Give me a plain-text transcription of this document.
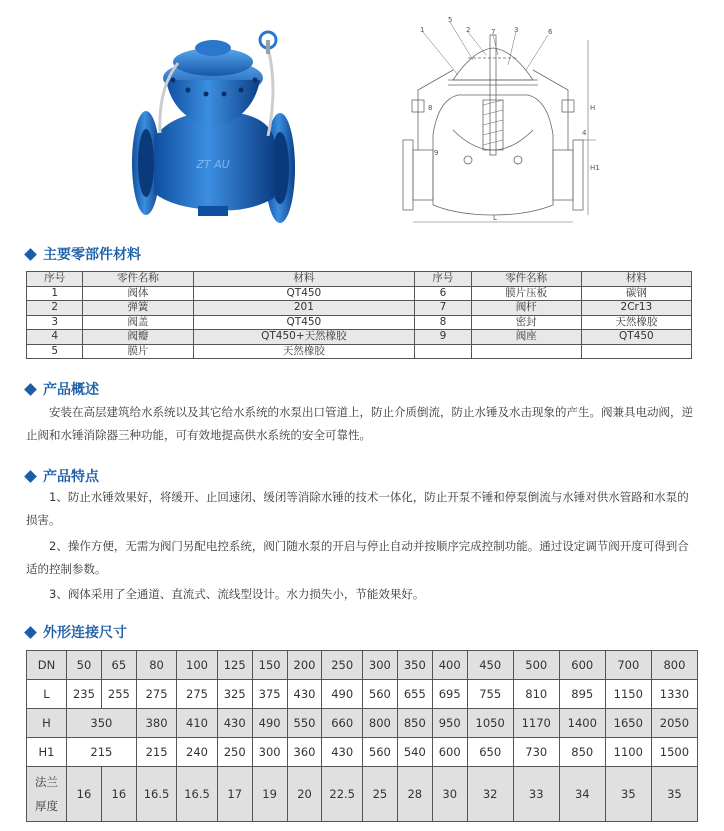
ZT AU
1
5
2	7	3	6
8
9
4
L
H
H1
主要零部件材料
序号	零件名称	材料	序号	零件名称	材料
1	阀体	QT450	6	膜片压板	碳钢
2	弹簧	201	7	阀杆	2Cr13
3	阀盖	QT450	8	密封	天然橡胶
4	阀瓣	QT450+天然橡胶	9	阀座	QT450
5	膜片	天然橡胶			
产品概述

安装在高层建筑给水系统以及其它给水系统的水泵出口管道上，防止介质倒流，防止水锤及水击现象的产生。阀兼具电动阀，逆止阀和水锤消除器三种功能，可有效地提高供水系统的安全可靠性。

产品特点

1、防止水锤效果好，将缓开、止回速闭、缓闭等消除水锤的技术一体化，防止开泵不锤和停泵倒流与水锤对供水管路和水泵的损害。

2、操作方便，无需为阀门另配电控系统，阀门随水泵的开启与停止自动并按顺序完成控制功能。通过设定调节阀开度可得到合适的控制参数。

3、阀体采用了全通道、直流式、流线型设计。水力损失小，节能效果好。

外形连接尺寸
DN	50	65	80	100	125	150	200	250	300	350	400	450	500	600	700	800
L	235	255	275	275	325	375	430	490	560	655	695	755	810	895	1150	1330
H	350		380	410	430	490	550	660	800	850	950	1050	1170	1400	1650	2050
H1	215		215	240	250	300	360	430	560	540	600	650	730	850	1100	1500

法兰
厚度	16	16	16.5	16.5	17	19	20	22.5	25	28	30	32	33	34	35	35
